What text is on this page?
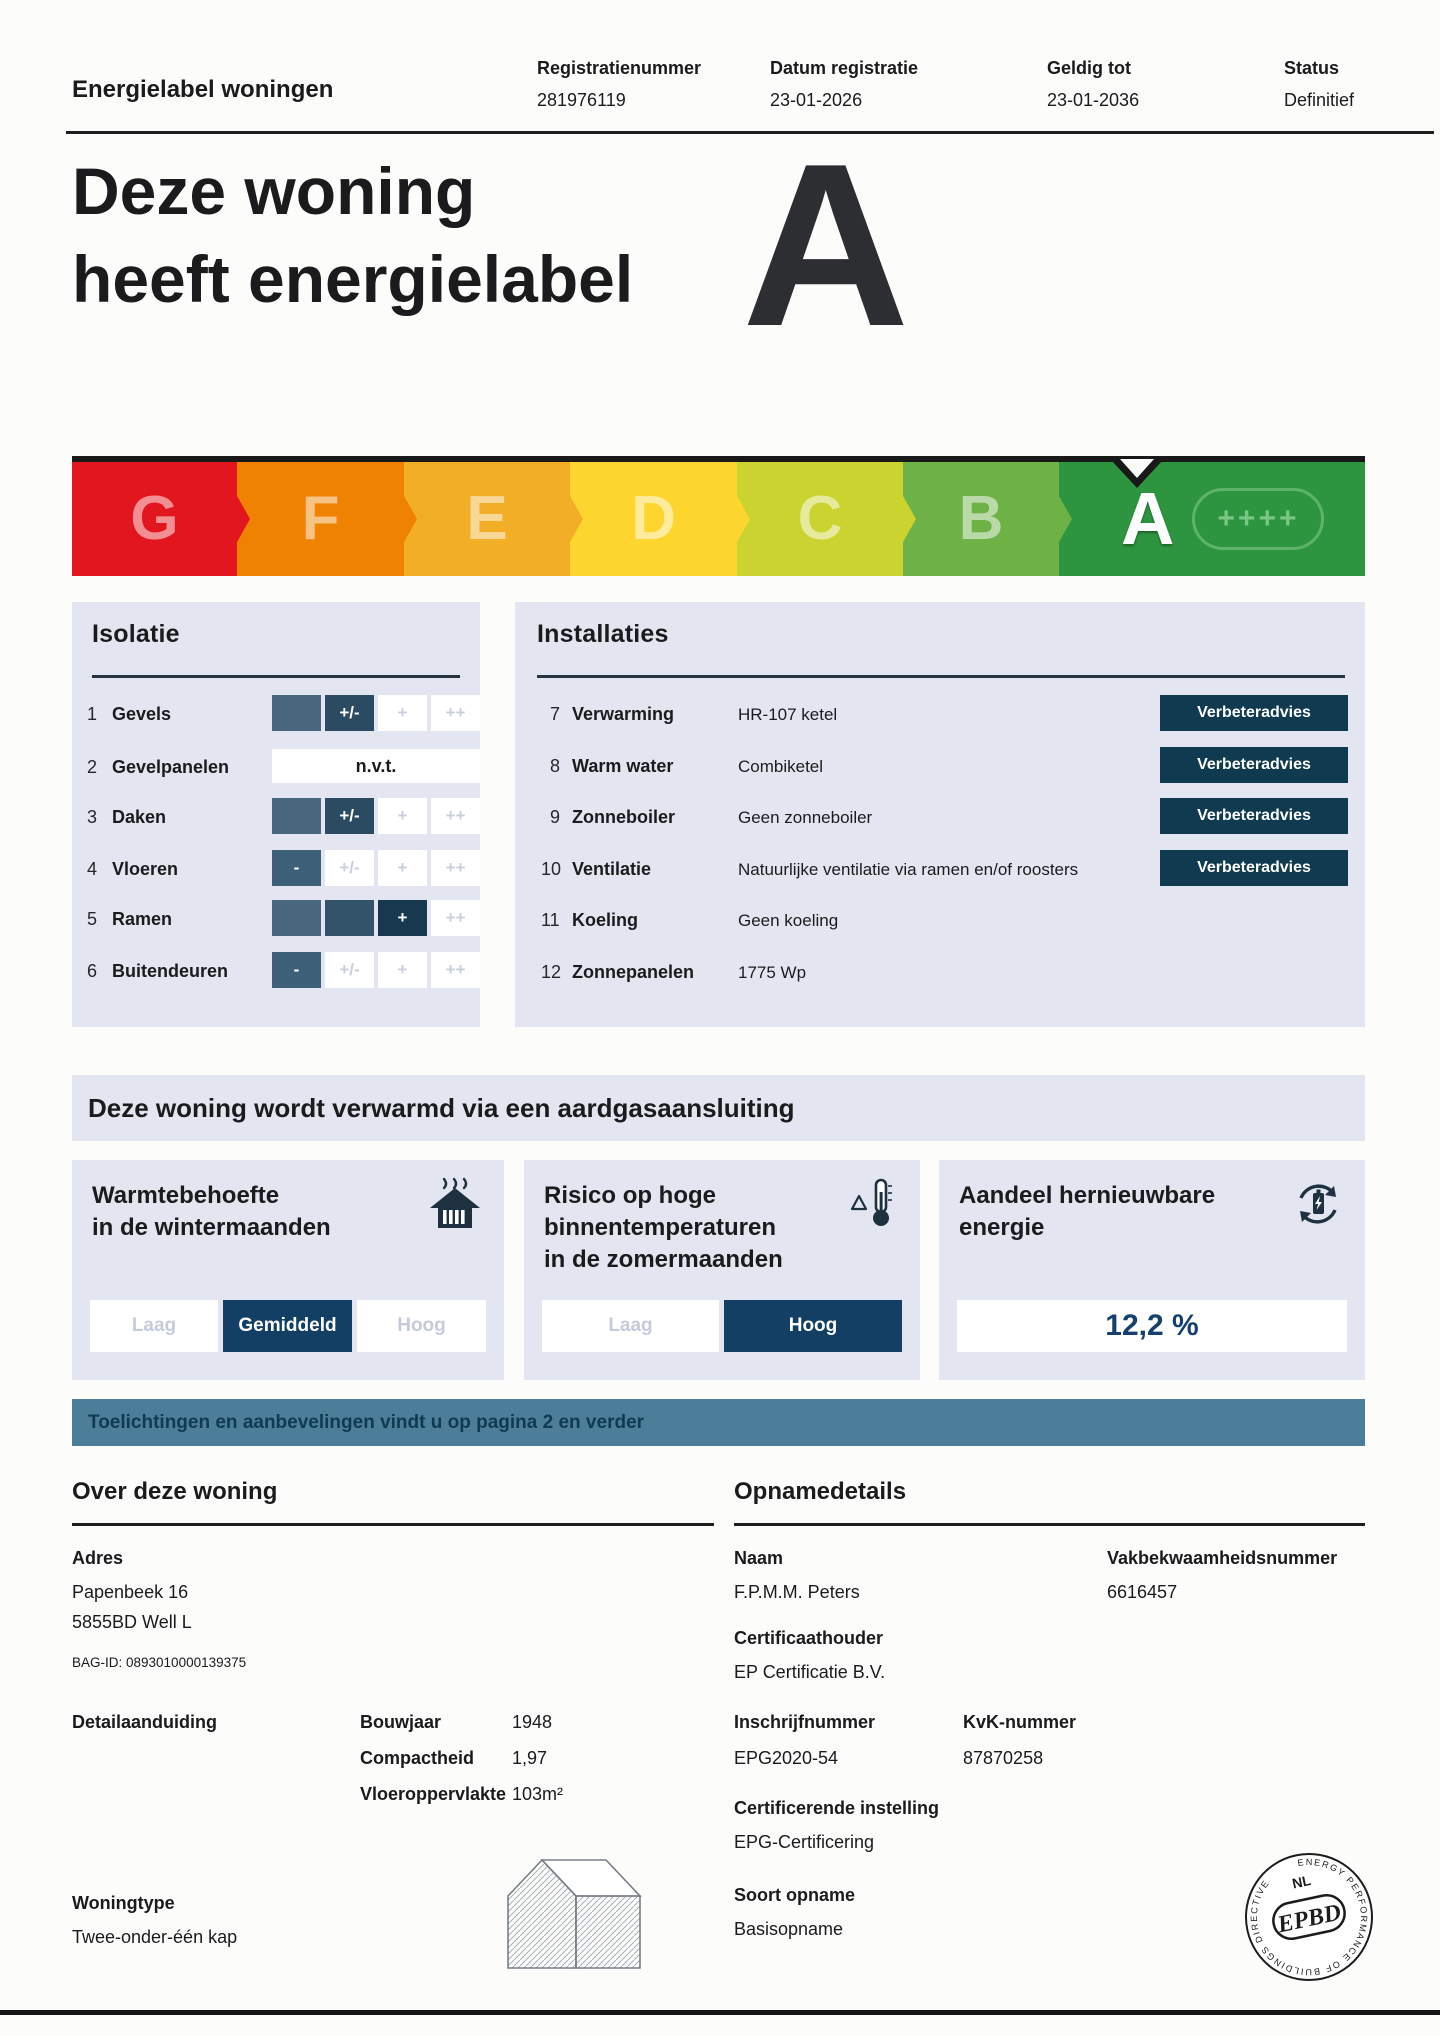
Energielabel woningen
Registratienummer
281976119
Datum registratie
23-01-2026
Geldig tot
23-01-2036
Status
Definitief
Deze woning
heeft energielabel A
G F E D C B A ++++
Isolatie
1 Gevels	+/-	+	++
2 Gevelpanelen	n.v.t.
3 Daken	+/-	+	++
4 Vloeren	-	+/-	+	++
5 Ramen	+	++
6 Buitendeuren	-	+/-	+	++
Installaties
7 Verwarming	HR-107 ketel	Verbeteradvies
8 Warm water	Combiketel	Verbeteradvies
9 Zonneboiler	Geen zonneboiler	Verbeteradvies
10 Ventilatie	Natuurlijke ventilatie via ramen en/of roosters	Verbeteradvies
11 Koeling	Geen koeling
12 Zonnepanelen	1775 Wp
Deze woning wordt verwarmd via een aardgasaansluiting
Warmtebehoefte
in de wintermaanden
Laag	Gemiddeld	Hoog
Risico op hoge
binnentemperaturen
in de zomermaanden
Laag	Hoog
Aandeel hernieuwbare
energie
12,2 %
Toelichtingen en aanbevelingen vindt u op pagina 2 en verder
Over deze woning
Adres
Papenbeek 16
5855BD Well L
BAG-ID: 0893010000139375
Detailaanduiding	Bouwjaar	1948
Compactheid 1,97
Vloeroppervlakte 103m²
Woningtype
Twee-onder-één kap
Opnamedetails
Naam
F.P.M.M. Peters
Vakbekwaamheidsnummer
6616457
Certificaathouder
EP Certificatie B.V.
Inschrijfnummer
EPG2020-54
KvK-nummer
87870258
Certificerende instelling
EPG-Certificering
Soort opname
Basisopname
ENERGY PERFORMANCE OF BUILDINGS DIRECTIVE	NL
EPBD
